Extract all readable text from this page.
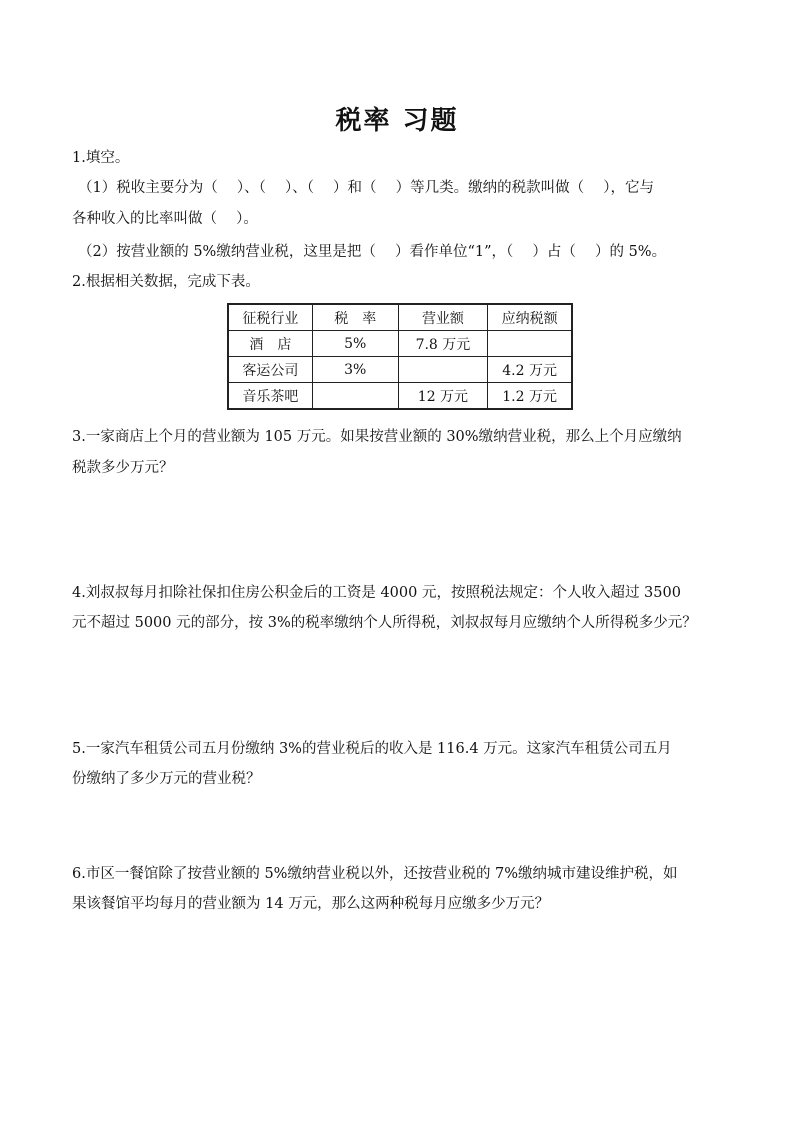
税率 习题
1.填空。
（1）税收主要分为（　 ）、（　 ）、（　 ）和（　 ）等几类。缴纳的税款叫做（　 ），它与
各种收入的比率叫做（　 ）。
（2）按营业额的 5%缴纳营业税，这里是把（　 ）看作单位“1”，（　 ）占（　 ）的 5%。
2.根据相关数据，完成下表。
征税行业	税　率	营业额	应纳税额
酒　店	5%	7.8 万元	
客运公司	3%		4.2 万元
音乐茶吧		12 万元	1.2 万元
3.一家商店上个月的营业额为 105 万元。如果按营业额的 30%缴纳营业税，那么上个月应缴纳
税款多少万元？
4.刘叔叔每月扣除社保扣住房公积金后的工资是 4000 元，按照税法规定：个人收入超过 3500
元不超过 5000 元的部分，按 3%的税率缴纳个人所得税，刘叔叔每月应缴纳个人所得税多少元？
5.一家汽车租赁公司五月份缴纳 3%的营业税后的收入是 116.4 万元。这家汽车租赁公司五月
份缴纳了多少万元的营业税？
6.市区一餐馆除了按营业额的 5%缴纳营业税以外，还按营业税的 7%缴纳城市建设维护税，如
果该餐馆平均每月的营业额为 14 万元，那么这两种税每月应缴多少万元？
